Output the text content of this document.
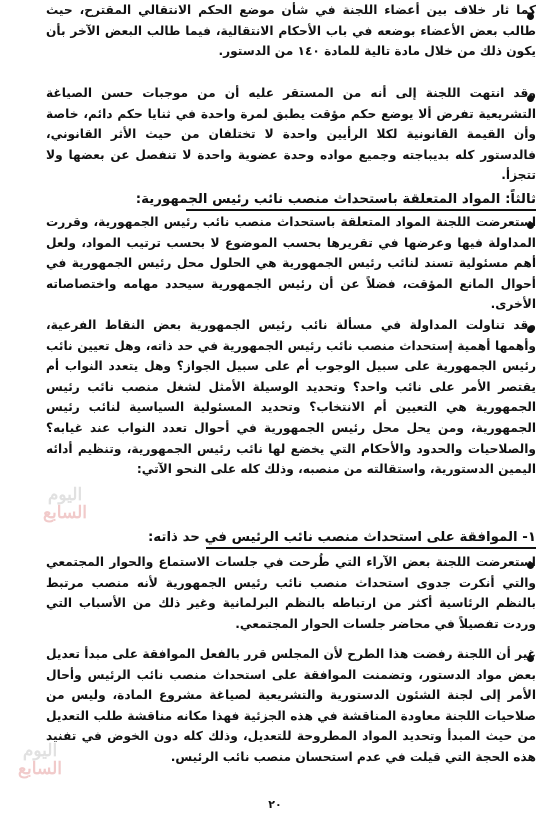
كما ثار خلاف بين أعضاء اللجنة في شأن موضع الحكم الانتقالي المقترح، حيث طالب بعض الأعضاء بوضعه في باب الأحكام الانتقالية، فيما طالب البعض الآخر بأن يكون ذلك من خلال مادة تالية للمادة ١٤٠ من الدستور.

وقد انتهت اللجنة إلى أنه من المستقر عليه أن من موجبات حسن الصياغة التشريعية تفرض ألا يوضع حكم مؤقت يطبق لمرة واحدة في ثنايا حكم دائم، خاصة وأن القيمة القانونية لكلا الرأيين واحدة لا تختلفان من حيث الأثر القانوني، فالدستور كله بديباجته وجميع مواده وحدة عضوية واحدة لا تنفصل عن بعضها ولا تتجزأ.

ثالثاً: المواد المتعلقة باستحداث منصب نائب رئيس الجمهورية:

استعرضت اللجنة المواد المتعلقة باستحداث منصب نائب رئيس الجمهورية، وقررت المداولة فيها وعرضها في تقريرها بحسب الموضوع لا بحسب ترتيب المواد، ولعل أهم مسئولية تسند لنائب رئيس الجمهورية هي الحلول محل رئيس الجمهورية في أحوال المانع المؤقت، فضلاً عن أن رئيس الجمهورية سيحدد مهامه واختصاصاته الأخرى.

وقد تناولت المداولة في مسألة نائب رئيس الجمهورية بعض النقاط الفرعية، وأهمها أهمية إستحداث منصب نائب رئيس الجمهورية في حد ذاته، وهل تعيين نائب رئيس الجمهورية على سبيل الوجوب أم على سبيل الجواز؟ وهل يتعدد النواب أم يقتصر الأمر على نائب واحد؟ وتحديد الوسيلة الأمثل لشغل منصب نائب رئيس الجمهورية هي التعيين أم الانتخاب؟ وتحديد المسئولية السياسية لنائب رئيس الجمهورية، ومن يحل محل رئيس الجمهورية في أحوال تعدد النواب عند غيابه؟ والصلاحيات والحدود والأحكام التي يخضع لها نائب رئيس الجمهورية، وتنظيم أدائه اليمين الدستورية، واستقالته من منصبه، وذلك كله على النحو الآتي:

١- الموافقة على استحداث منصب نائب الرئيس في حد ذاته:

استعرضت اللجنة بعض الآراء التي طُرحت في جلسات الاستماع والحوار المجتمعي والتي أنكرت جدوى استحداث منصب نائب رئيس الجمهورية لأنه منصب مرتبط بالنظم الرئاسية أكثر من ارتباطه بالنظم البرلمانية وغير ذلك من الأسباب التي وردت تفصيلاً في محاضر جلسات الحوار المجتمعي.

غير أن اللجنة رفضت هذا الطرح لأن المجلس قرر بالفعل الموافقة على مبدأ تعديل بعض مواد الدستور، وتضمنت الموافقة على استحداث منصب نائب الرئيس وأحال الأمر إلى لجنة الشئون الدستورية والتشريعية لصياغة مشروع المادة، وليس من صلاحيات اللجنة معاودة المناقشة في هذه الجزئية فهذا مكانه مناقشة طلب التعديل من حيث المبدأ وتحديد المواد المطروحة للتعديل، وذلك كله دون الخوض في تفنيد هذه الحجة التي قيلت في عدم استحسان منصب نائب الرئيس.

اليوم
السابع
اليوم
السابع
٢٠
